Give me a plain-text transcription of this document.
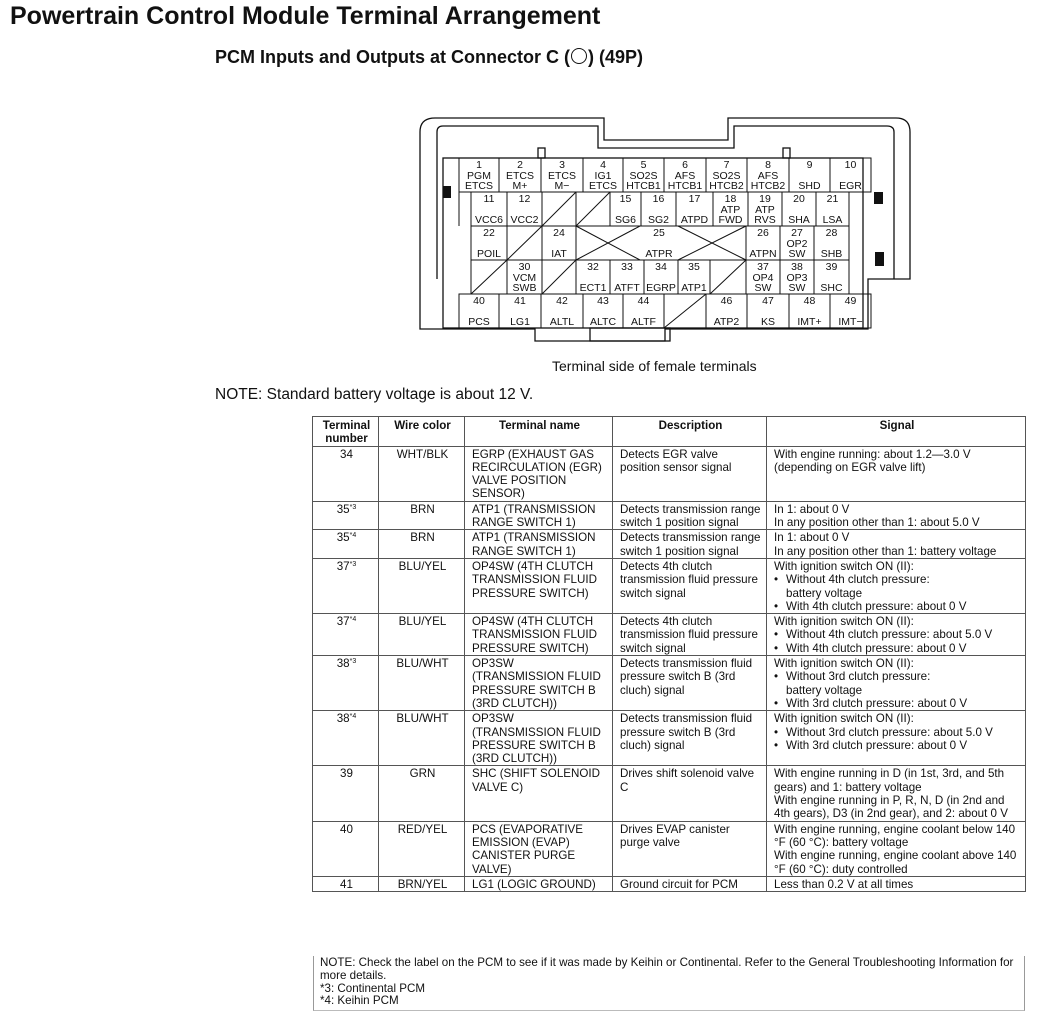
Powertrain Control Module Terminal Arrangement
PCM Inputs and Outputs at Connector C ( ) (49P)
1
PGM
ETCS
2
ETCS
M+
3
ETCS
M−
4
IG1
ETCS
5
SO2S
HTCB1
6
AFS
HTCB1
7
SO2S
HTCB2
8
AFS
HTCB2
9
SHD
10
EGR
11
VCC6
12
VCC2
15
SG6
16
SG2
17
ATPD
18
ATP
FWD
19
ATP
RVS
20
SHA
21
LSA
22
POIL
24
IAT
25
ATPR
26
ATPN
27
OP2
SW
28
SHB
30
VCM
SWB
32
ECT1
33
ATFT
34
EGRP
35
ATP1
37
OP4
SW
38
OP3
SW
39
SHC
40
PCS
41
LG1
42
ALTL
43
ALTC
44
ALTF
46
ATP2
47
KS
48
IMT+
49
IMT−
Terminal side of female terminals
NOTE: Standard battery voltage is about 12 V.
Terminal number	Wire color	Terminal name	Description	Signal
34	WHT/BLK	EGRP (EXHAUST GAS RECIRCULATION (EGR) VALVE POSITION SENSOR)	Detects EGR valve position sensor signal	With engine running: about 1.2—3.0 V
(depending on EGR valve lift)

35$^{*3}$	BRN	ATP1 (TRANSMISSION RANGE SWITCH 1)	Detects transmission range switch 1 position signal	In 1: about 0 V
In any position other than 1: about 5.0 V

35$^{*4}$	BRN	ATP1 (TRANSMISSION RANGE SWITCH 1)	Detects transmission range switch 1 position signal	In 1: about 0 V
In any position other than 1: battery voltage

37$^{*3}$	BLU/YEL	OP4SW (4TH CLUTCH TRANSMISSION FLUID PRESSURE SWITCH)	Detects 4th clutch transmission fluid pressure switch signal	With ignition switch ON (II):
• Without 4th clutch pressure:
battery voltage
• With 4th clutch pressure: about 0 V

37$^{*4}$	BLU/YEL	OP4SW (4TH CLUTCH TRANSMISSION FLUID PRESSURE SWITCH)	Detects 4th clutch transmission fluid pressure switch signal	With ignition switch ON (II):
• Without 4th clutch pressure: about 5.0 V
• With 4th clutch pressure: about 0 V

38$^{*3}$	BLU/WHT	OP3SW (TRANSMISSION FLUID PRESSURE SWITCH B (3RD CLUTCH))	Detects transmission fluid pressure switch B (3rd cluch) signal	With ignition switch ON (II):
• Without 3rd clutch pressure:
battery voltage
• With 3rd clutch pressure: about 0 V

38$^{*4}$	BLU/WHT	OP3SW (TRANSMISSION FLUID PRESSURE SWITCH B (3RD CLUTCH))	Detects transmission fluid pressure switch B (3rd cluch) signal	With ignition switch ON (II):
• Without 3rd clutch pressure: about 5.0 V
• With 3rd clutch pressure: about 0 V

39	GRN	SHC (SHIFT SOLENOID VALVE C)	Drives shift solenoid valve C	With engine running in D (in 1st, 3rd, and 5th gears) and 1: battery voltage
With engine running in P, R, N, D (in 2nd and 4th gears), D3 (in 2nd gear), and 2: about 0 V

40	RED/YEL	PCS (EVAPORATIVE EMISSION (EVAP) CANISTER PURGE VALVE)	Drives EVAP canister purge valve	With engine running, engine coolant below 140 °F (60 °C): battery voltage
With engine running, engine coolant above 140 °F (60 °C): duty controlled

41	BRN/YEL	LG1 (LOGIC GROUND)	Ground circuit for PCM	Less than 0.2 V at all times
NOTE: Check the label on the PCM to see if it was made by Keihin or Continental. Refer to the General Troubleshooting Information for more details.
*3: Continental PCM
*4: Keihin PCM
